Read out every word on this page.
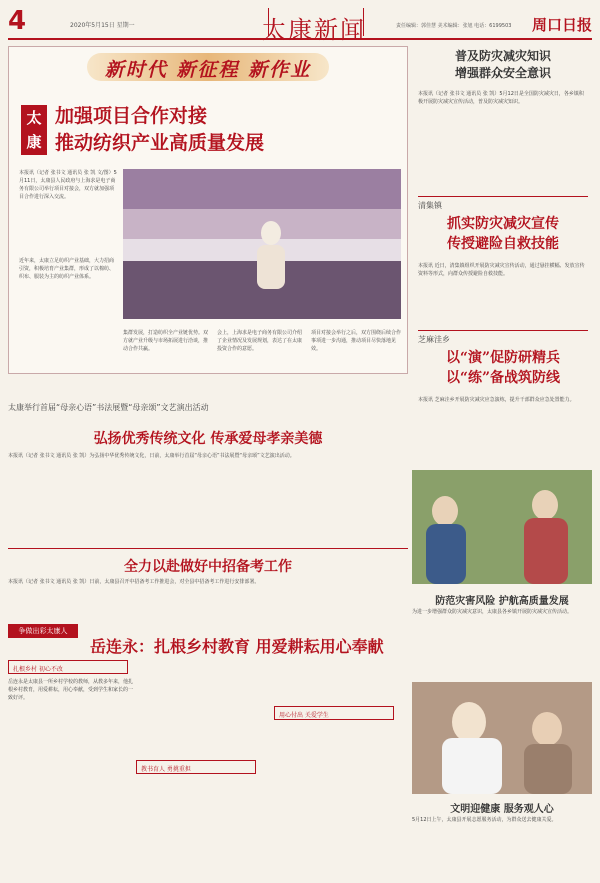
4	2020年5月15日 星期一	太康新闻	责任编辑：郭佳慧 美术编辑：张旭 电话：6199503 周口日报
新时代 新征程 新作业
太康
加强项目合作对接
推动纺织产业高质量发展
本报讯（记者 张书文 通讯员 张 凯 文/图）5月11日，太康县人民政府与上海求是电子商务有限公司举行项目对接会，双方就加强项目合作进行深入交流。
近年来，太康立足纺织产业基础，大力招商引资，积极培育产业集群，形成了以棉纺、织布、服装为主的纺织产业体系。
集群发展，打造纺织全产业链优势。双方就产业升级与市场拓展进行洽谈，推动合作共赢。
会上，上海求是电子商务有限公司介绍了企业情况及发展规划，表达了在太康投资合作的意愿。
项目对接会举行之后，双方围绕后续合作事项进一步沟通，推动项目尽快落地见效。
普及防灾减灾知识
增强群众安全意识
本报讯（记者 张书文 通讯员 张 凯）5月12日是全国防灾减灾日，各乡镇积极开展防灾减灾宣传活动，普及防灾减灾知识。
清集镇
抓实防灾减灾宣传
传授避险自救技能
本报讯 近日，清集镇组织开展防灾减灾宣传活动，通过悬挂横幅、发放宣传资料等形式，向群众传授避险自救技能。
芝麻洼乡
以“演”促防研精兵
以“练”备战筑防线
本报讯 芝麻洼乡开展防灾减灾应急演练，提升干部群众应急处置能力。
太康举行首届“母亲心语”书法展暨“母亲颂”文艺演出活动
弘扬优秀传统文化 传承爱母孝亲美德
本报讯（记者 张书文 通讯员 张 凯）为弘扬中华优秀传统文化，日前，太康举行首届“母亲心语”书法展暨“母亲颂”文艺演出活动。
全力以赴做好中招备考工作
本报讯（记者 张书文 通讯员 张 凯）日前，太康县召开中招备考工作推进会，对全县中招备考工作进行安排部署。
防范灾害风险 护航高质量发展
为进一步增强群众防灾减灾意识，太康县各乡镇开展防灾减灾宣传活动。
争做出彩太康人
岳连永：扎根乡村教育 用爱耕耘用心奉献
扎根乡村 初心不改
岳连永是太康县一所乡村学校的教师，从教多年来，他扎根乡村教育，用爱耕耘，用心奉献，受到学生和家长的一致好评。
教书育人 勇挑重担
用心付出 关爱学生
文明迎健康 服务观人心
5月12日上午，太康县开展志愿服务活动，为群众送去健康关爱。
